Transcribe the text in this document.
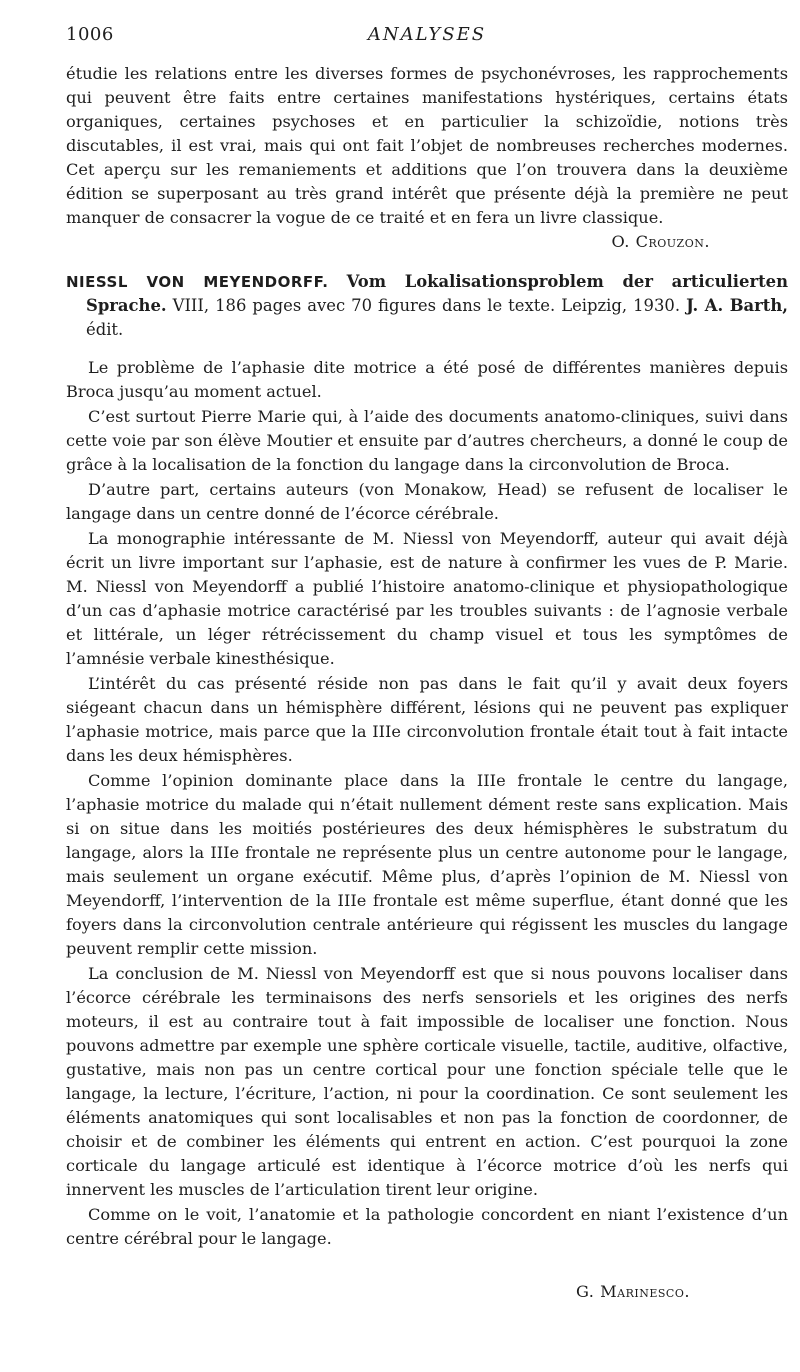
1006	ANALYSES

étudie les relations entre les diverses formes de psychonévroses, les rapprochements qui peuvent être faits entre certaines manifestations hystériques, certains états organiques, certaines psychoses et en particulier la schizoïdie, notions très discutables, il est vrai, mais qui ont fait l’objet de nombreuses recherches modernes. Cet aperçu sur les remaniements et additions que l’on trouvera dans la deuxième édition se superposant au très grand intérêt que présente déjà la première ne peut manquer de consacrer la vogue de ce traité et en fera un livre classique.
O. Crouzon.

NIESSL VON MEYENDORFF. Vom Lokalisationsproblem der articulierten Sprache. VIII, 186 pages avec 70 figures dans le texte. Leipzig, 1930. J. A. Barth, édit.

Le problème de l’aphasie dite motrice a été posé de différentes manières depuis Broca jusqu’au moment actuel.

C’est surtout Pierre Marie qui, à l’aide des documents anatomo-cliniques, suivi dans cette voie par son élève Moutier et ensuite par d’autres chercheurs, a donné le coup de grâce à la localisation de la fonction du langage dans la circonvolution de Broca.

D’autre part, certains auteurs (von Monakow, Head) se refusent de localiser le langage dans un centre donné de l’écorce cérébrale.

La monographie intéressante de M. Niessl von Meyendorff, auteur qui avait déjà écrit un livre important sur l’aphasie, est de nature à confirmer les vues de P. Marie. M. Niessl von Meyendorff a publié l’histoire anatomo-clinique et physiopathologique d’un cas d’aphasie motrice caractérisé par les troubles suivants : de l’agnosie verbale et littérale, un léger rétrécissement du champ visuel et tous les symptômes de l’amnésie verbale kinesthésique.

L’intérêt du cas présenté réside non pas dans le fait qu’il y avait deux foyers siégeant chacun dans un hémisphère différent, lésions qui ne peuvent pas expliquer l’aphasie motrice, mais parce que la IIIe circonvolution frontale était tout à fait intacte dans les deux hémisphères.

Comme l’opinion dominante place dans la IIIe frontale le centre du langage, l’aphasie motrice du malade qui n’était nullement dément reste sans explication. Mais si on situe dans les moitiés postérieures des deux hémisphères le substratum du langage, alors la IIIe frontale ne représente plus un centre autonome pour le langage, mais seulement un organe exécutif. Même plus, d’après l’opinion de M. Niessl von Meyendorff, l’intervention de la IIIe frontale est même superflue, étant donné que les foyers dans la circonvolution centrale antérieure qui régissent les muscles du langage peuvent remplir cette mission.

La conclusion de M. Niessl von Meyendorff est que si nous pouvons localiser dans l’écorce cérébrale les terminaisons des nerfs sensoriels et les origines des nerfs moteurs, il est au contraire tout à fait impossible de localiser une fonction. Nous pouvons admettre par exemple une sphère corticale visuelle, tactile, auditive, olfactive, gustative, mais non pas un centre cortical pour une fonction spéciale telle que le langage, la lecture, l’écriture, l’action, ni pour la coordination. Ce sont seulement les éléments anatomiques qui sont localisables et non pas la fonction de coordonner, de choisir et de combiner les éléments qui entrent en action. C’est pourquoi la zone corticale du langage articulé est identique à l’écorce motrice d’où les nerfs qui innervent les muscles de l’articulation tirent leur origine.

Comme on le voit, l’anatomie et la pathologie concordent en niant l’existence d’un centre cérébral pour le langage.

G. Marinesco.
